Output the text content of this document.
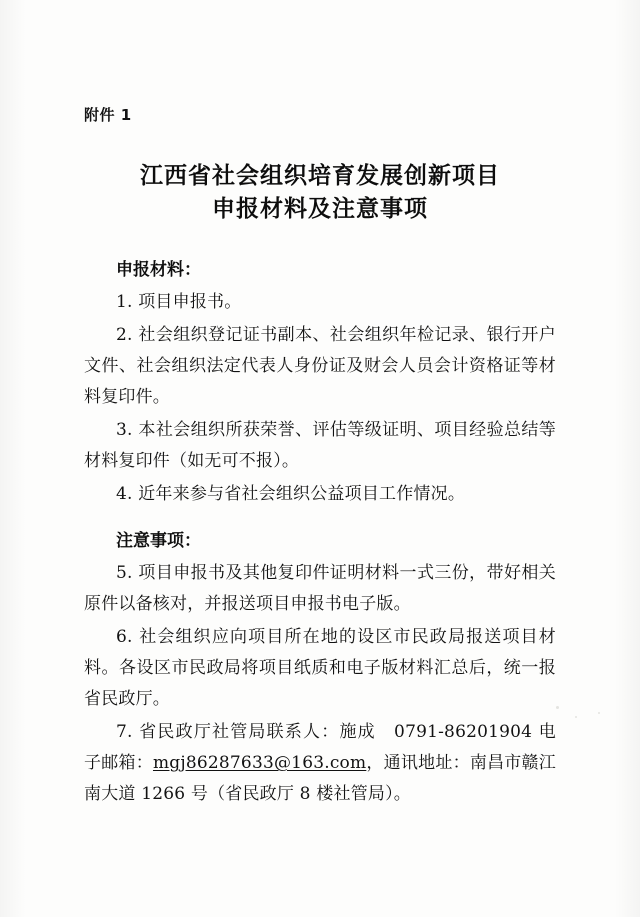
附件 1
江西省社会组织培育发展创新项目
申报材料及注意事项
申报材料：

1. 项目申报书。

2. 社会组织登记证书副本、社会组织年检记录、银行开户文件、社会组织法定代表人身份证及财会人员会计资格证等材料复印件。

3. 本社会组织所获荣誉、评估等级证明、项目经验总结等材料复印件（如无可不报）。

4. 近年来参与省社会组织公益项目工作情况。

注意事项：

5. 项目申报书及其他复印件证明材料一式三份，带好相关原件以备核对，并报送项目申报书电子版。

6. 社会组织应向项目所在地的设区市民政局报送项目材料。各设区市民政局将项目纸质和电子版材料汇总后，统一报省民政厅。

7. 省民政厅社管局联系人：施成　0791-86201904 电子邮箱：mgj86287633@163.com，通讯地址：南昌市赣江南大道 1266 号（省民政厅 8 楼社管局）。
